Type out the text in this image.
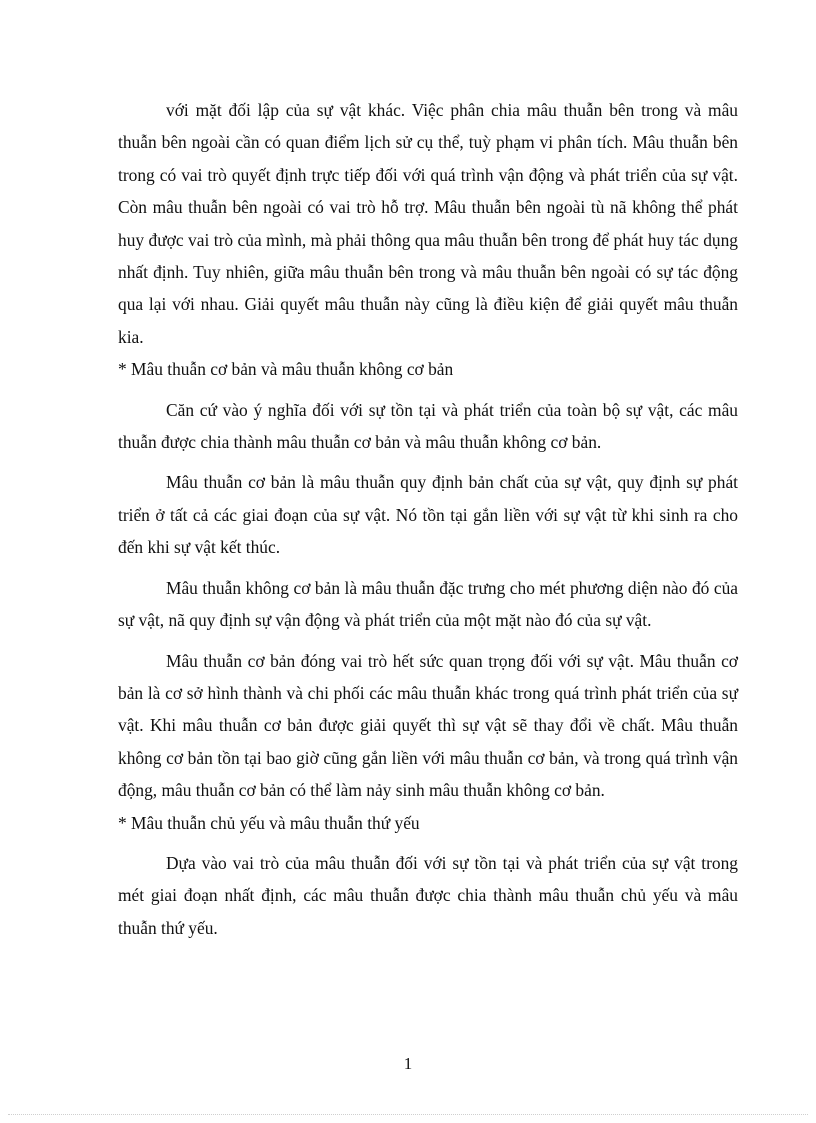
với mặt đối lập của sự vật khác. Việc phân chia mâu thuẫn bên trong và mâu thuẫn bên ngoài cần có quan điểm lịch sử cụ thể, tuỳ phạm vi phân tích. Mâu thuẫn bên trong có vai trò quyết định trực tiếp đối với quá trình vận động và phát triển của sự vật. Còn mâu thuẫn bên ngoài có vai trò hỗ trợ. Mâu thuẫn bên ngoài tù nã không thể phát huy được vai trò của mình, mà phải thông qua mâu thuẫn bên trong để phát huy tác dụng nhất định. Tuy nhiên, giữa mâu thuẫn bên trong và mâu thuẫn bên ngoài có sự tác động qua lại với nhau. Giải quyết mâu thuẫn này cũng là điều kiện để giải quyết mâu thuẫn kia.

* Mâu thuẫn cơ bản và mâu thuẫn không cơ bản

Căn cứ vào ý nghĩa đối với sự tồn tại và phát triển của toàn bộ sự vật, các mâu thuẫn được chia thành mâu thuẫn cơ bản và mâu thuẫn không cơ bản.

Mâu thuẫn cơ bản là mâu thuẫn quy định bản chất của sự vật, quy định sự phát triển ở tất cả các giai đoạn của sự vật. Nó tồn tại gắn liền với sự vật từ khi sinh ra cho đến khi sự vật kết thúc.

Mâu thuẫn không cơ bản là mâu thuẫn đặc trưng cho mét phương diện nào đó của sự vật, nã quy định sự vận động và phát triển của một mặt nào đó của sự vật.

Mâu thuẫn cơ bản đóng vai trò hết sức quan trọng đối với sự vật. Mâu thuẫn cơ bản là cơ sở hình thành và chi phối các mâu thuẫn khác trong quá trình phát triển của sự vật. Khi mâu thuẫn cơ bản được giải quyết thì sự vật sẽ thay đổi về chất. Mâu thuẫn không cơ bản tồn tại bao giờ cũng gắn liền với mâu thuẫn cơ bản, và trong quá trình vận động, mâu thuẫn cơ bản có thể làm nảy sinh mâu thuẫn không cơ bản.

* Mâu thuẫn chủ yếu và mâu thuẫn thứ yếu

Dựa vào vai trò của mâu thuẫn đối với sự tồn tại và phát triển của sự vật trong mét giai đoạn nhất định, các mâu thuẫn được chia thành mâu thuẫn chủ yếu và mâu thuẫn thứ yếu.

1
